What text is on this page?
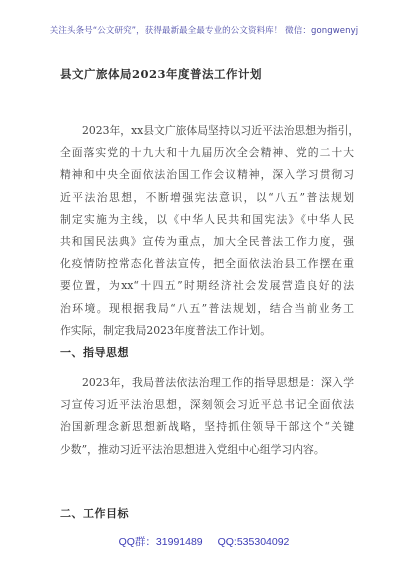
关注头条号“公文研究”，获得最新最全最专业的公文资料库！ 微信：gongwenyj
县文广旅体局2023年度普法工作计划
2023年，xx县文广旅体局坚持以习近平法治思想为指引，
全面落实党的十九大和十九届历次全会精神、党的二十大
精神和中央全面依法治国工作会议精神，深入学习贯彻习
近平法治思想，不断增强宪法意识，以“八五”普法规划
制定实施为主线，以《中华人民共和国宪法》《中华人民
共和国民法典》宣传为重点，加大全民普法工作力度，强
化疫情防控常态化普法宣传，把全面依法治县工作摆在重
要位置，为xx“十四五”时期经济社会发展营造良好的法
治环境。现根据我局“八五”普法规划，结合当前业务工
作实际，制定我局2023年度普法工作计划。
一、指导思想
2023年，我局普法依法治理工作的指导思想是：深入学
习宣传习近平法治思想，深刻领会习近平总书记全面依法
治国新理念新思想新战略，坚持抓住领导干部这个“关键
少数”，推动习近平法治思想进入党组中心组学习内容。
二、工作目标
QQ群：31991489 QQ:535304092
